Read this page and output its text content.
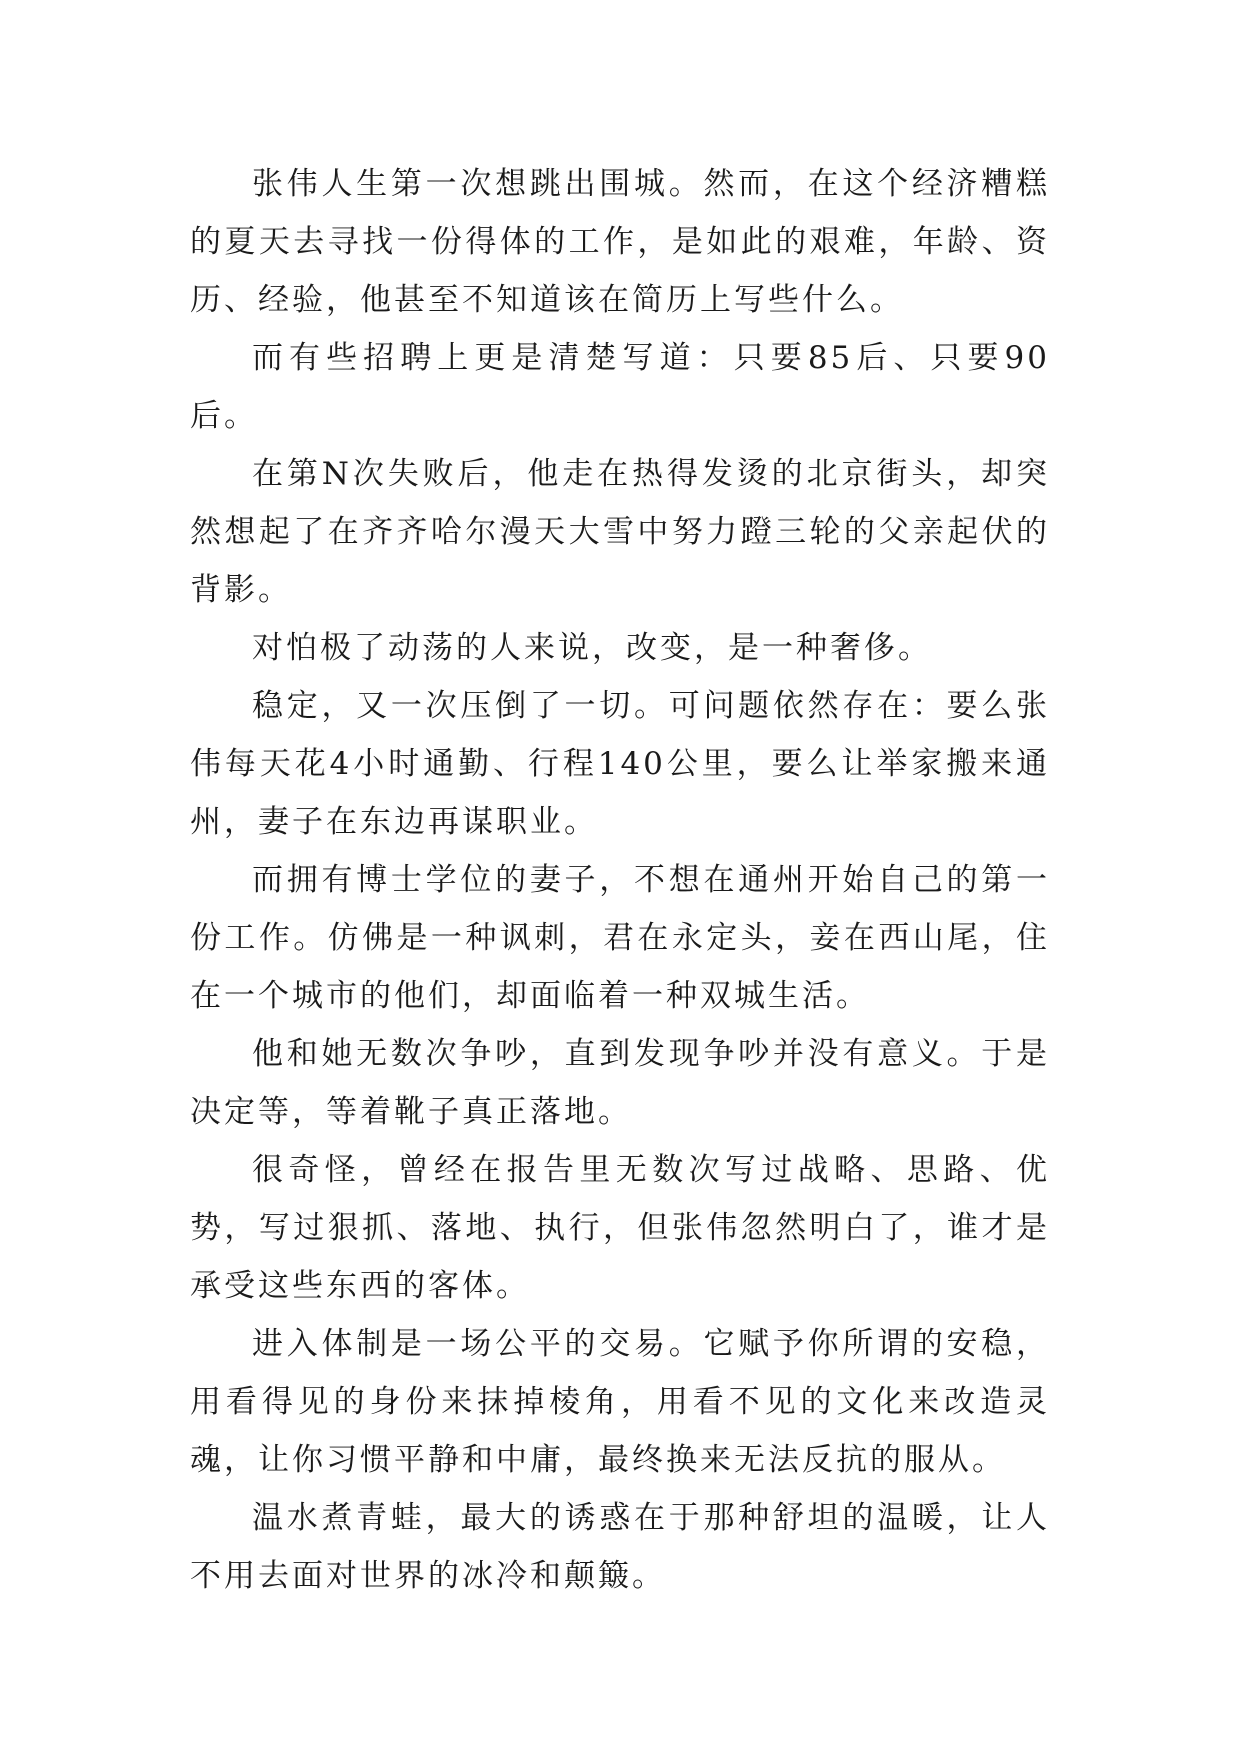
张伟人生第一次想跳出围城。然而，在这个经济糟糕的夏天去寻找一份得体的工作，是如此的艰难，年龄、资历、经验，他甚至不知道该在简历上写些什么。

而有些招聘上更是清楚写道：只要85后、只要90后。

在第N次失败后，他走在热得发烫的北京街头，却突然想起了在齐齐哈尔漫天大雪中努力蹬三轮的父亲起伏的背影。

对怕极了动荡的人来说，改变，是一种奢侈。

稳定，又一次压倒了一切。可问题依然存在：要么张伟每天花4小时通勤、行程140公里，要么让举家搬来通州，妻子在东边再谋职业。

而拥有博士学位的妻子，不想在通州开始自己的第一份工作。仿佛是一种讽刺，君在永定头，妾在西山尾，住在一个城市的他们，却面临着一种双城生活。

他和她无数次争吵，直到发现争吵并没有意义。于是决定等，等着靴子真正落地。

很奇怪，曾经在报告里无数次写过战略、思路、优势，写过狠抓、落地、执行，但张伟忽然明白了，谁才是承受这些东西的客体。

进入体制是一场公平的交易。它赋予你所谓的安稳，用看得见的身份来抹掉棱角，用看不见的文化来改造灵魂，让你习惯平静和中庸，最终换来无法反抗的服从。

温水煮青蛙，最大的诱惑在于那种舒坦的温暖，让人不用去面对世界的冰冷和颠簸。
